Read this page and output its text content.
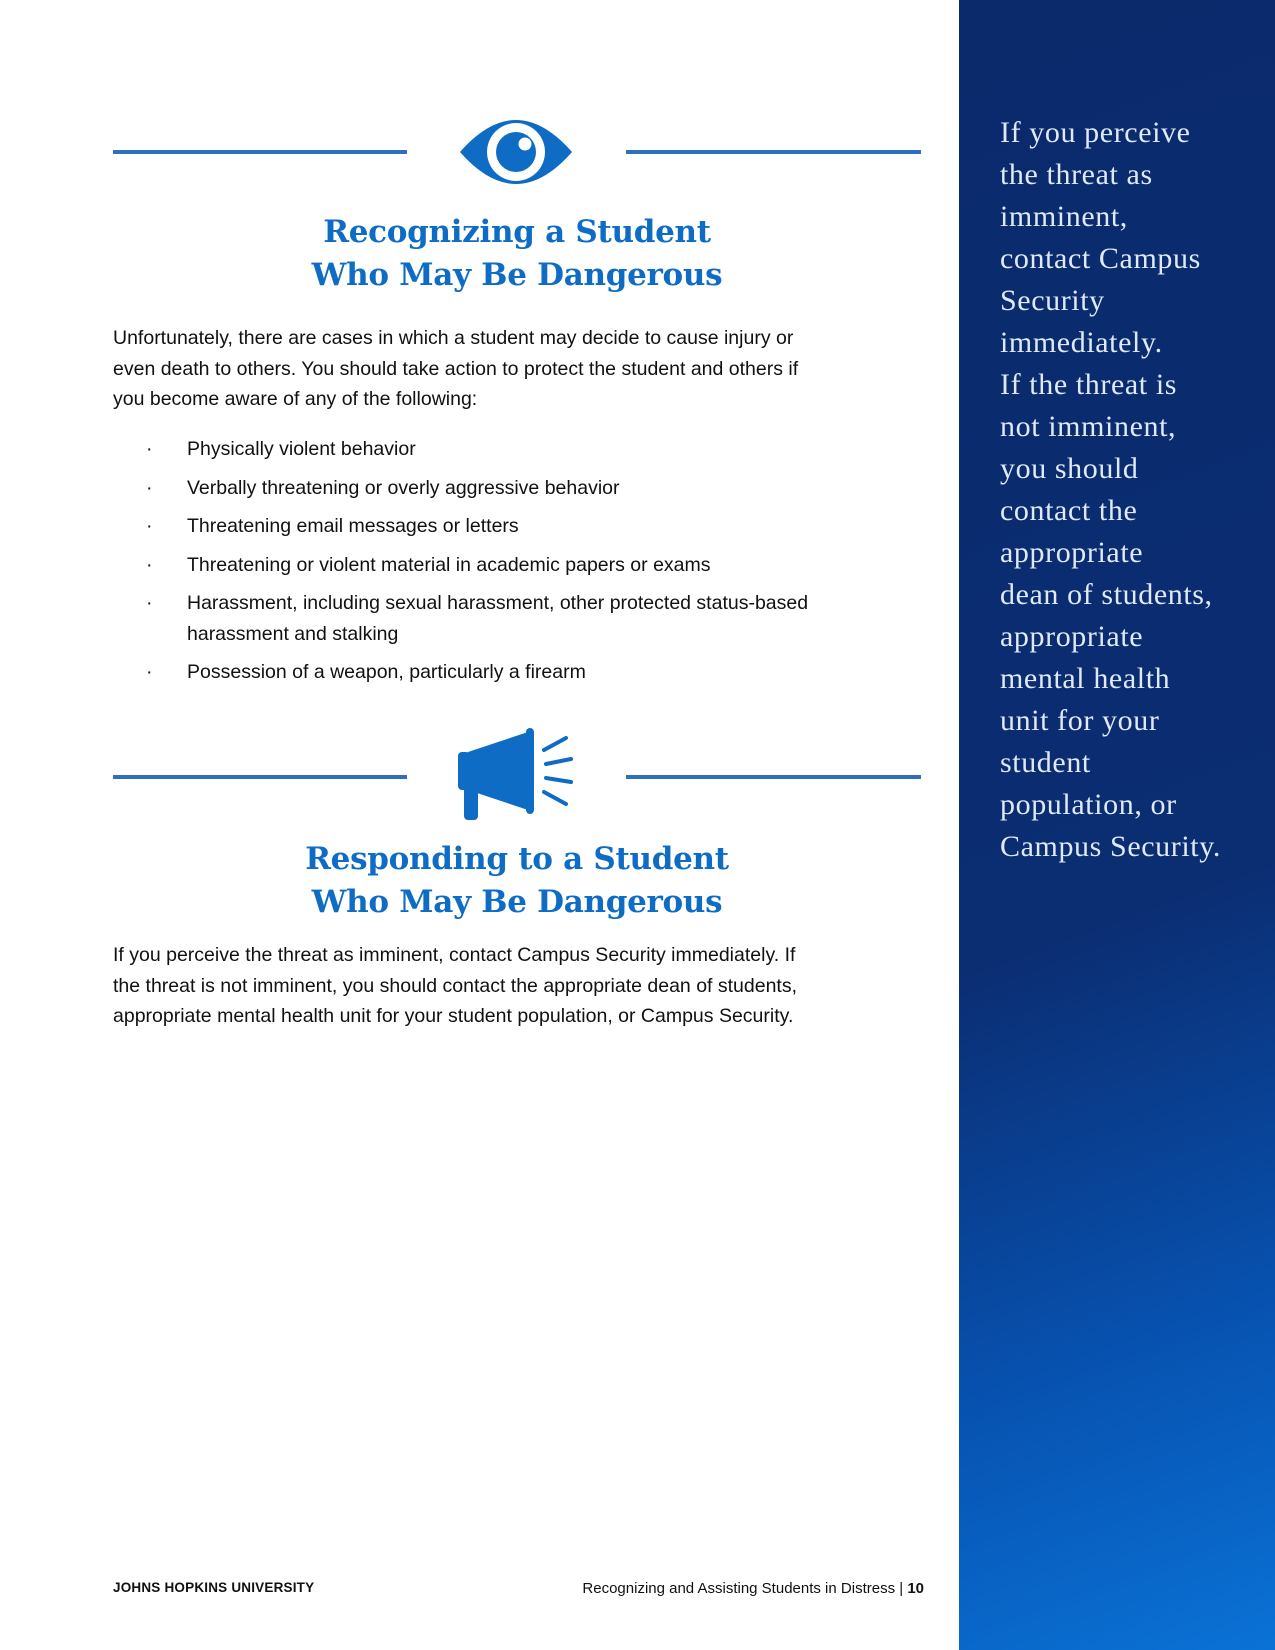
Recognizing a Student
Who May Be Dangerous
Unfortunately, there are cases in which a student may decide to cause injury or
even death to others. You should take action to protect the student and others if
you become aware of any of the following:
· Physically violent behavior
· Verbally threatening or overly aggressive behavior
· Threatening email messages or letters
· Threatening or violent material in academic papers or exams
· Harassment, including sexual harassment, other protected status-based harassment and stalking
· Possession of a weapon, particularly a firearm
Responding to a Student
Who May Be Dangerous
If you perceive the threat as imminent, contact Campus Security immediately. If
the threat is not imminent, you should contact the appropriate dean of students,
appropriate mental health unit for your student population, or Campus Security.
JOHNS HOPKINS UNIVERSITY	Recognizing and Assisting Students in Distress | 10
If you perceive
the threat as
imminent,
contact Campus
Security
immediately.
If the threat is
not imminent,
you should
contact the
appropriate
dean of students,
appropriate
mental health
unit for your
student
population, or
Campus Security.
